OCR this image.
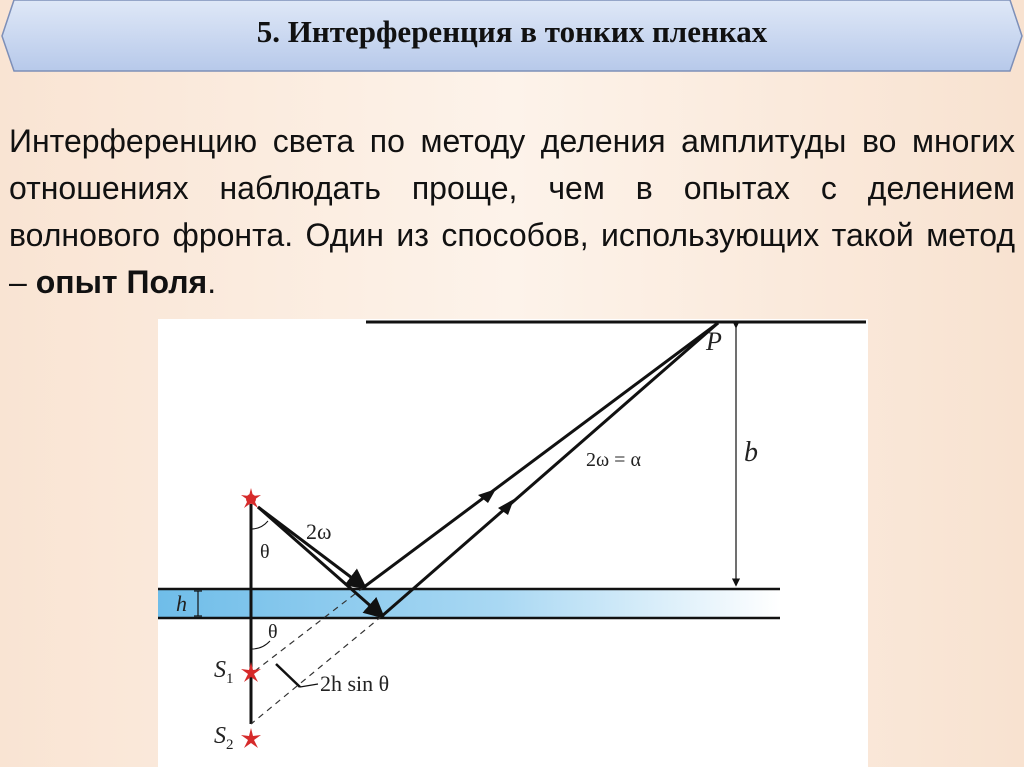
5. Интерференция в тонких пленках
Интерференцию света по методу деления амплитуды во многих отношениях наблюдать проще, чем в опытах с делением волнового фронта. Один из способов, использующих такой метод – опыт Поля.
P
b
2ω = α
2ω
θ
θ
h
$S_1$
$S_2$
2h sin θ
